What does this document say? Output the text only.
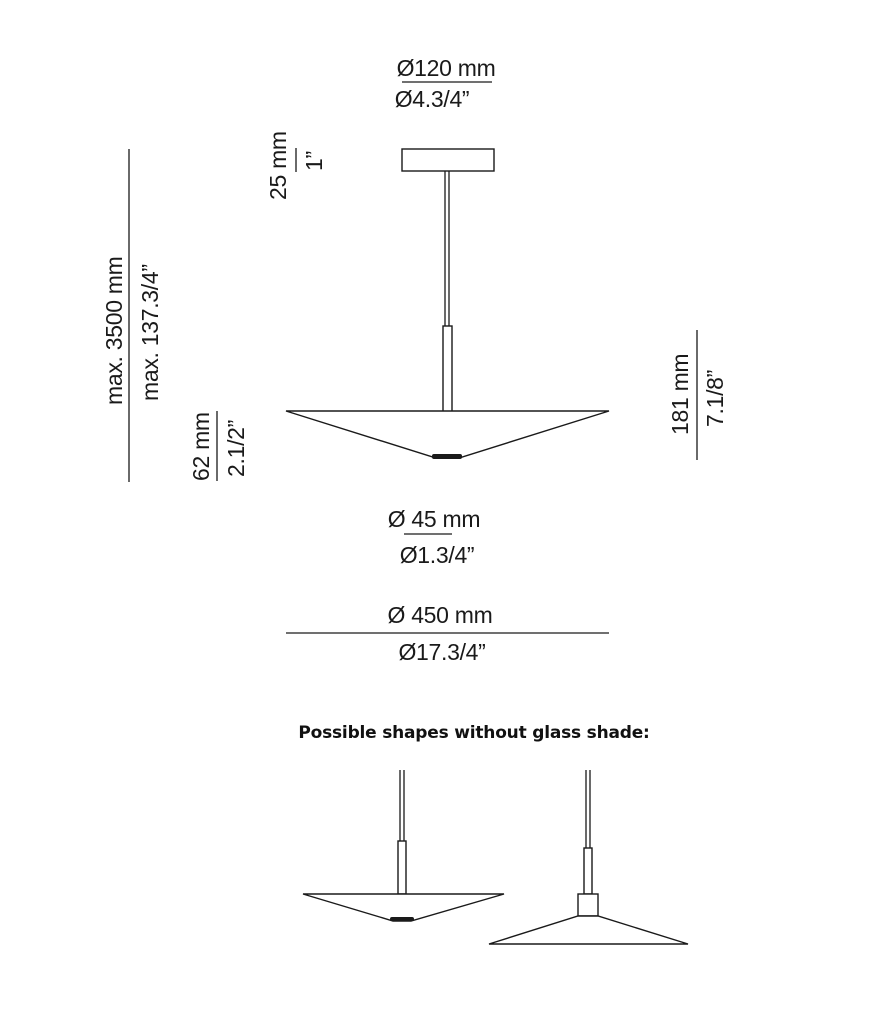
Ø120 mm
Ø4.3/4”
25 mm 1”
max. 3500 mm max. 137.3/4”
62 mm 2.1/2”
181 mm 7.1/8”
Ø 45 mm
Ø1.3/4”
Ø 450 mm
Ø17.3/4”
Possible shapes without glass shade:
